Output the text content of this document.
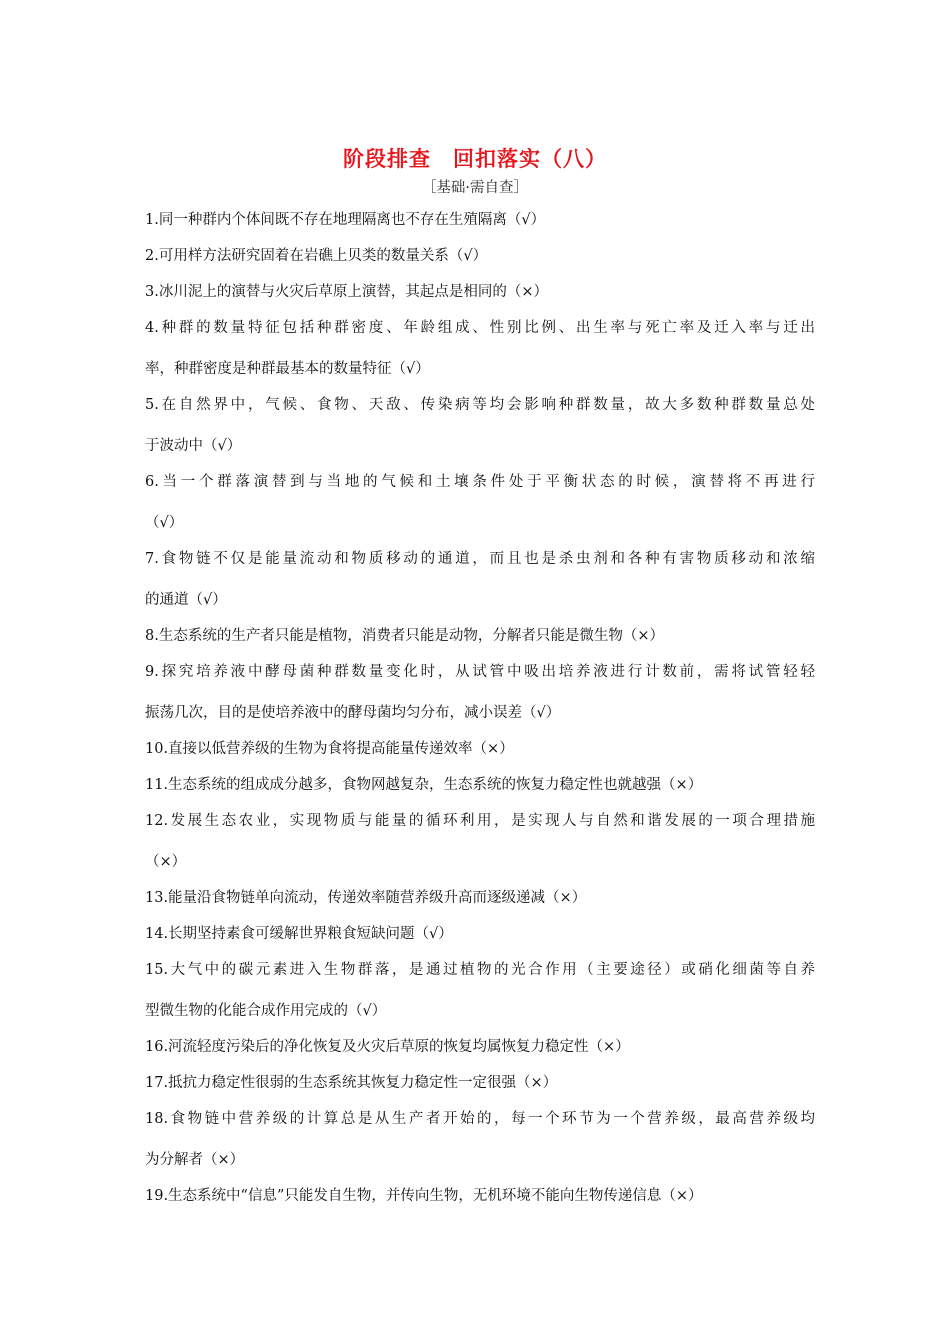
阶段排查　回扣落实（八）
［基础·需自查］
1.同一种群内个体间既不存在地理隔离也不存在生殖隔离（√）
2.可用样方法研究固着在岩礁上贝类的数量关系（√）
3.冰川泥上的演替与火灾后草原上演替，其起点是相同的（×）
4.种群的数量特征包括种群密度、年龄组成、性别比例、出生率与死亡率及迁入率与迁出
率，种群密度是种群最基本的数量特征（√）
5.在自然界中，气候、食物、天敌、传染病等均会影响种群数量，故大多数种群数量总处
于波动中（√）
6.当一个群落演替到与当地的气候和土壤条件处于平衡状态的时候，演替将不再进行
（√）
7.食物链不仅是能量流动和物质移动的通道，而且也是杀虫剂和各种有害物质移动和浓缩
的通道（√）
8.生态系统的生产者只能是植物，消费者只能是动物，分解者只能是微生物（×）
9.探究培养液中酵母菌种群数量变化时，从试管中吸出培养液进行计数前，需将试管轻轻
振荡几次，目的是使培养液中的酵母菌均匀分布，减小误差（√）
10.直接以低营养级的生物为食将提高能量传递效率（×）
11.生态系统的组成成分越多，食物网越复杂，生态系统的恢复力稳定性也就越强（×）
12.发展生态农业，实现物质与能量的循环利用，是实现人与自然和谐发展的一项合理措施
（×）
13.能量沿食物链单向流动，传递效率随营养级升高而逐级递减（×）
14.长期坚持素食可缓解世界粮食短缺问题（√）
15.大气中的碳元素进入生物群落，是通过植物的光合作用（主要途径）或硝化细菌等自养
型微生物的化能合成作用完成的（√）
16.河流轻度污染后的净化恢复及火灾后草原的恢复均属恢复力稳定性（×）
17.抵抗力稳定性很弱的生态系统其恢复力稳定性一定很强（×）
18.食物链中营养级的计算总是从生产者开始的，每一个环节为一个营养级，最高营养级均
为分解者（×）
19.生态系统中“信息”只能发自生物，并传向生物，无机环境不能向生物传递信息（×）
